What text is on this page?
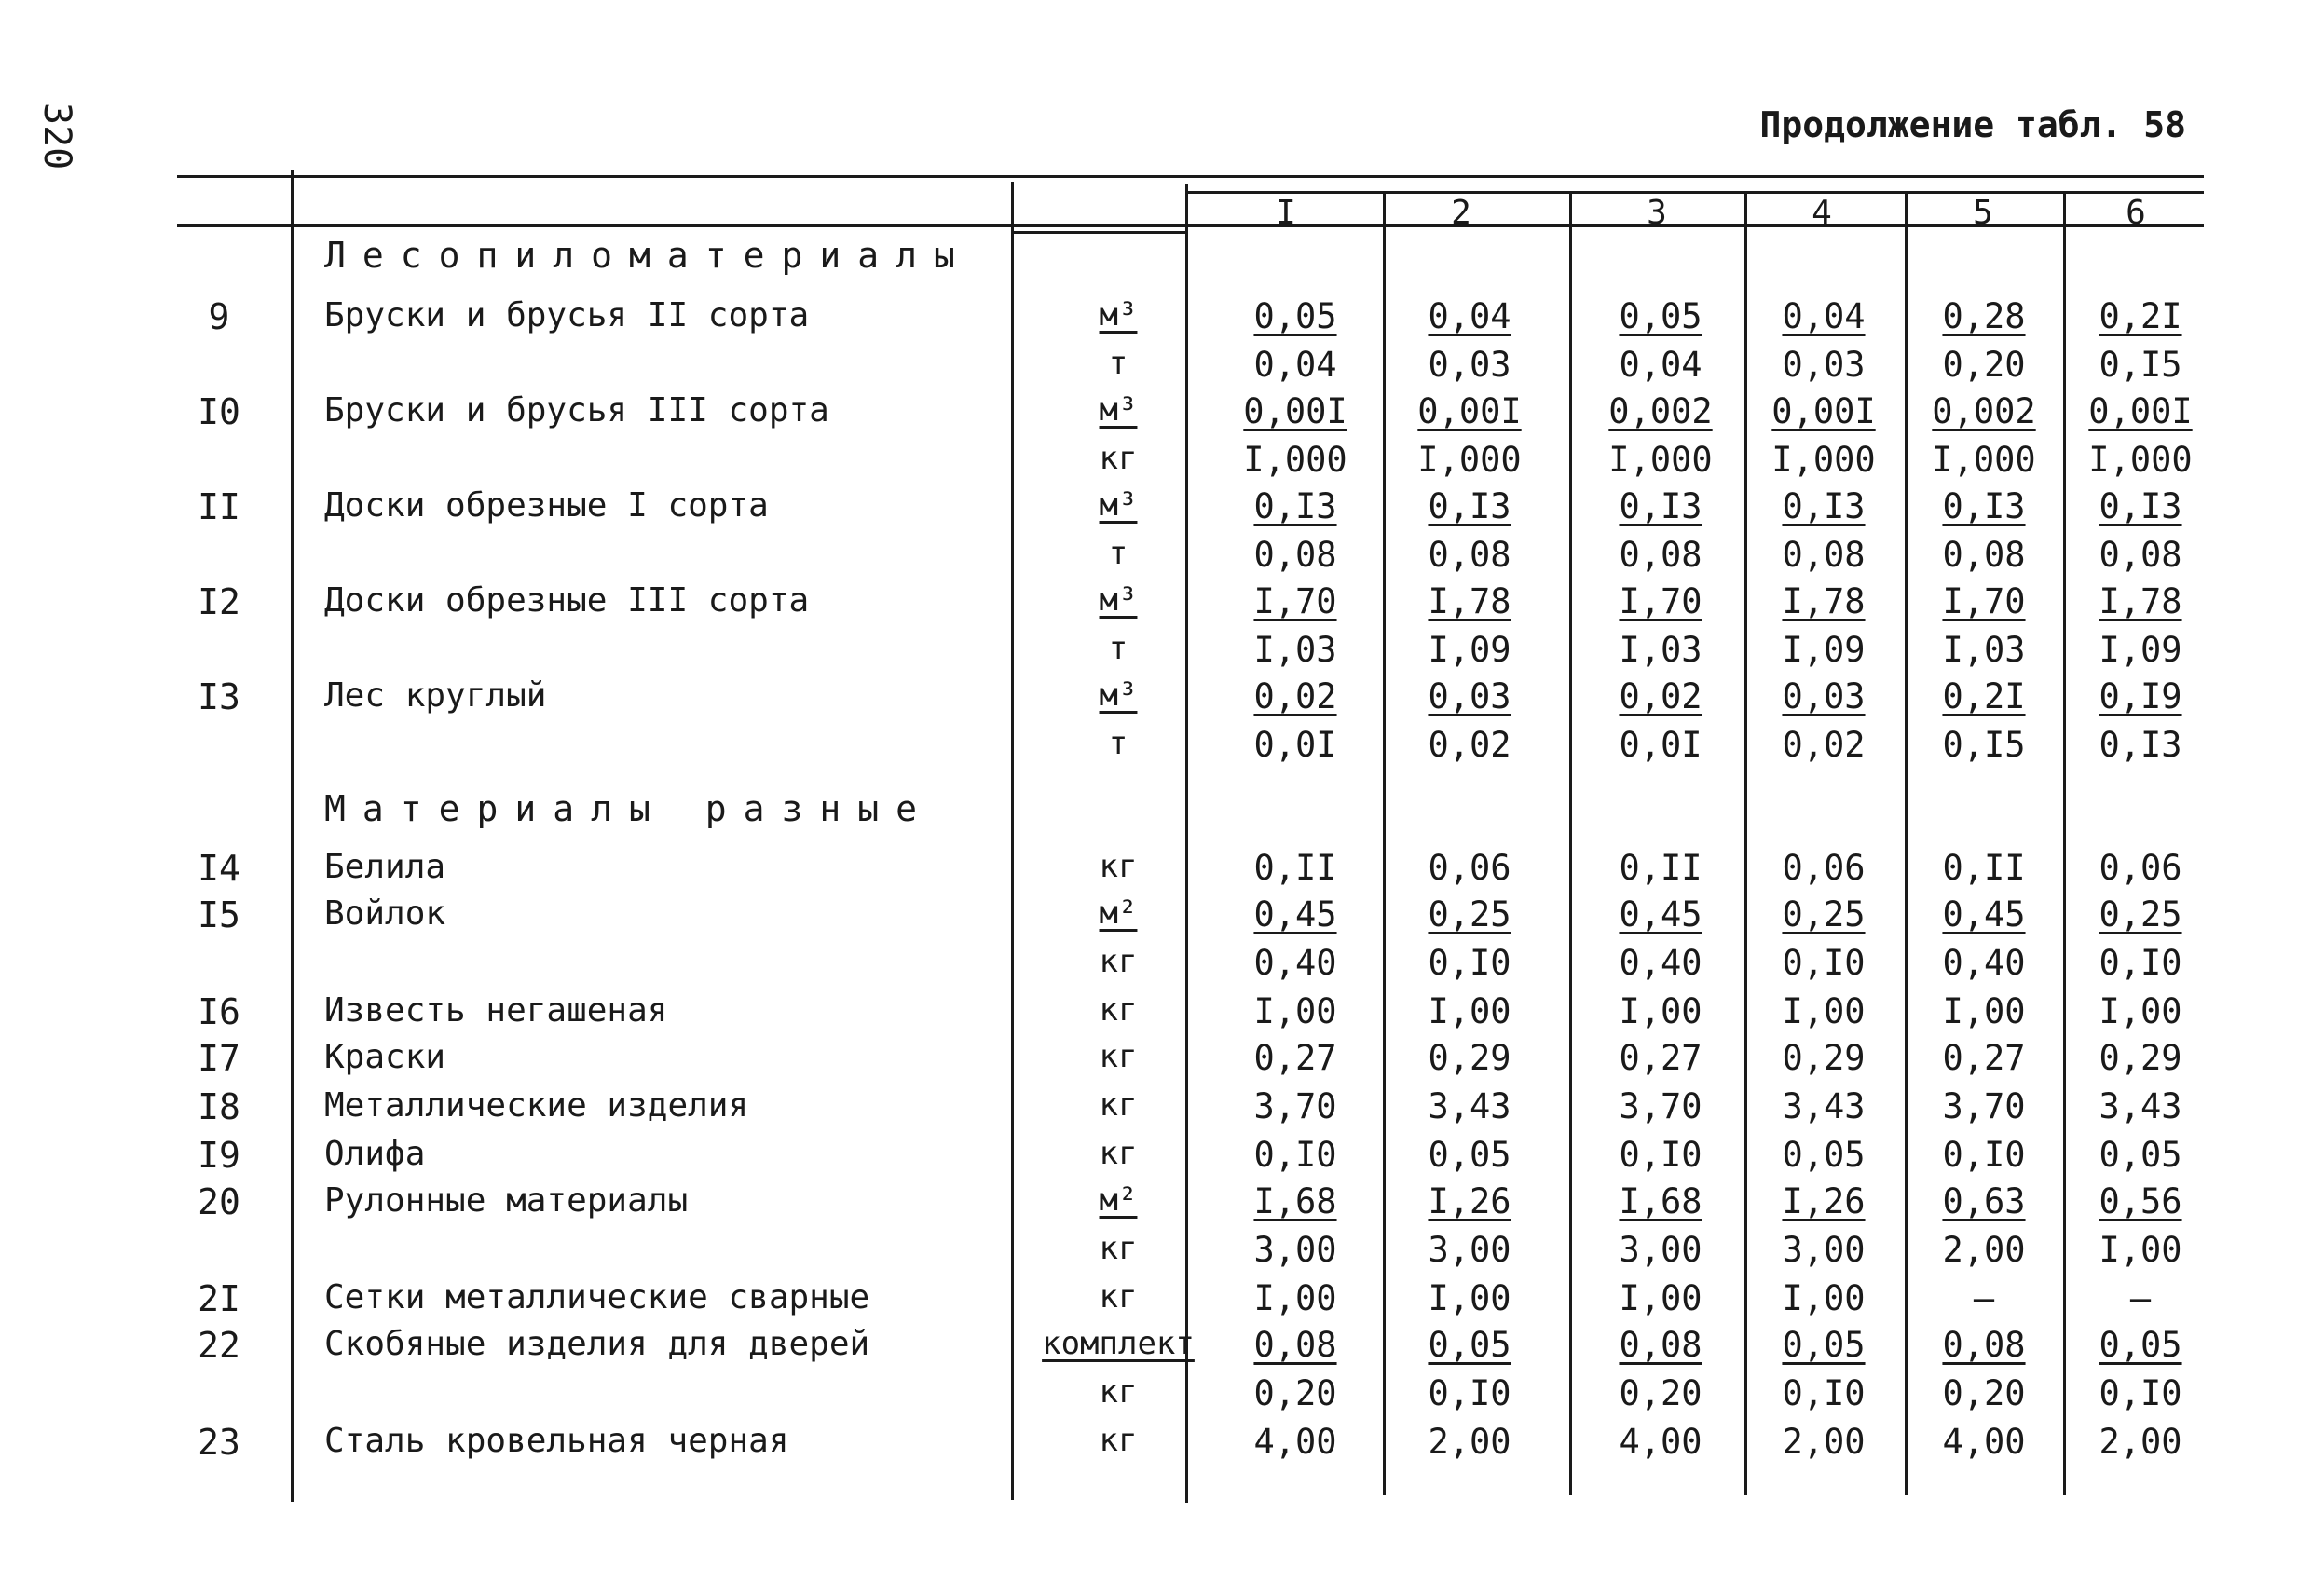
320	Продолжение табл. 58
I	2	3	4	5	6
Лесопиломатериалы
Материалы разные
9	Бруски и брусья II сорта	м³	0,05	0,04	0,05	0,04	0,28	0,2I
т	0,04	0,03	0,04	0,03	0,20	0,I5
I0	Бруски и брусья III сорта	м³	0,00I	0,00I	0,002	0,00I	0,002	0,00I
кг	I,000	I,000	I,000	I,000	I,000	I,000
II	Доски обрезные I сорта	м³	0,I3	0,I3	0,I3	0,I3	0,I3	0,I3
т	0,08	0,08	0,08	0,08	0,08	0,08
I2	Доски обрезные III сорта	м³	I,70	I,78	I,70	I,78	I,70	I,78
т	I,03	I,09	I,03	I,09	I,03	I,09
I3	Лес круглый	м³	0,02	0,03	0,02	0,03	0,2I	0,I9
т	0,0I	0,02	0,0I	0,02	0,I5	0,I3
I4	Белила	кг	0,II	0,06	0,II	0,06	0,II	0,06
I5	Войлок	м²	0,45	0,25	0,45	0,25	0,45	0,25
кг	0,40	0,I0	0,40	0,I0	0,40	0,I0
I6	Известь негашеная	кг	I,00	I,00	I,00	I,00	I,00	I,00
I7	Краски	кг	0,27	0,29	0,27	0,29	0,27	0,29
I8	Металлические изделия	кг	3,70	3,43	3,70	3,43	3,70	3,43
I9	Олифа	кг	0,I0	0,05	0,I0	0,05	0,I0	0,05
20	Рулонные материалы	м²	I,68	I,26	I,68	I,26	0,63	0,56
кг	3,00	3,00	3,00	3,00	2,00	I,00
2I	Сетки металлические сварные	кг	I,00	I,00	I,00	I,00	–	–
22	Скобяные изделия для дверей	комплект	0,08	0,05	0,08	0,05	0,08	0,05
кг	0,20	0,I0	0,20	0,I0	0,20	0,I0
23	Сталь кровельная черная	кг	4,00	2,00	4,00	2,00	4,00	2,00
